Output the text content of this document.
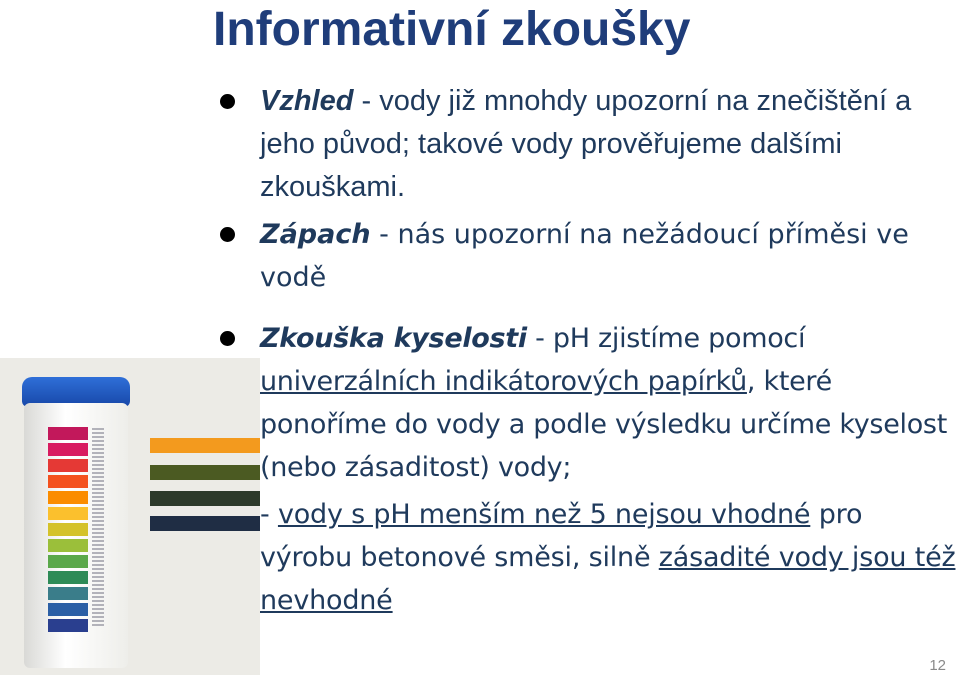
Informativní zkoušky
Vzhled - vody již mnohdy upozorní na znečištění a jeho původ; takové vody prověřujeme dalšími zkouškami.
Zápach - nás upozorní na nežádoucí příměsi ve vodě
Zkouška kyselosti - pH zjistíme pomocí univerzálních indikátorových papírků, které ponoříme do vody a podle výsledku určíme kyselost (nebo zásaditost) vody;
- vody s pH menším než 5 nejsou vhodné pro výrobu betonové směsi, silně zásadité vody jsou též nevhodné
12
